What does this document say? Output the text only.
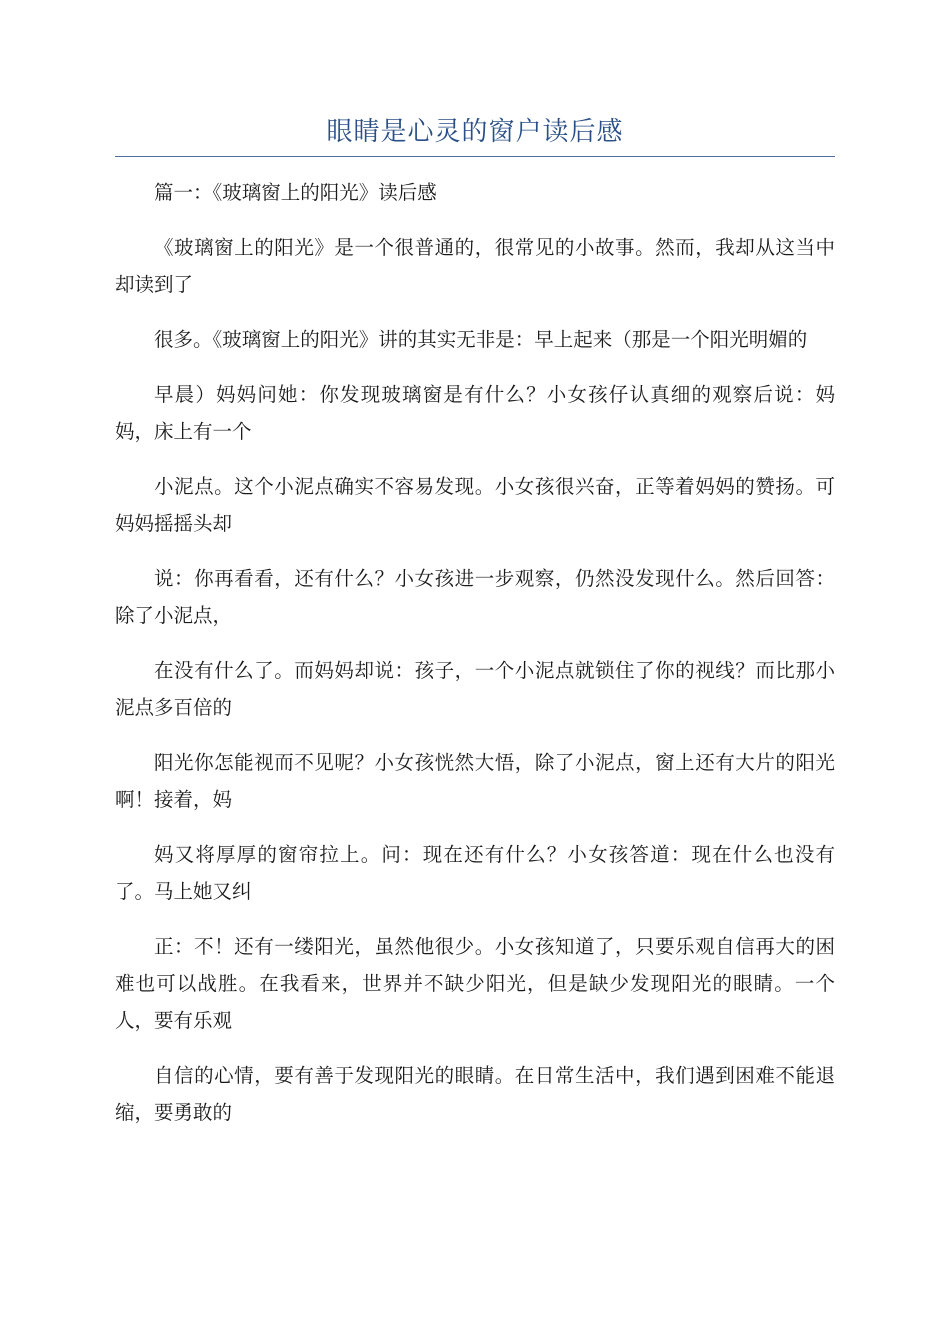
眼睛是心灵的窗户读后感

篇一：《玻璃窗上的阳光》读后感

《玻璃窗上的阳光》是一个很普通的，很常见的小故事。然而，我却从这当中却读到了

很多。《玻璃窗上的阳光》讲的其实无非是：早上起来（那是一个阳光明媚的

早晨）妈妈问她：你发现玻璃窗是有什么？小女孩仔认真细的观察后说：妈妈，床上有一个

小泥点。这个小泥点确实不容易发现。小女孩很兴奋，正等着妈妈的赞扬。可妈妈摇摇头却

说：你再看看，还有什么？小女孩进一步观察，仍然没发现什么。然后回答：除了小泥点，

在没有什么了。而妈妈却说：孩子，一个小泥点就锁住了你的视线？而比那小泥点多百倍的

阳光你怎能视而不见呢？小女孩恍然大悟，除了小泥点，窗上还有大片的阳光啊！接着，妈

妈又将厚厚的窗帘拉上。问：现在还有什么？小女孩答道：现在什么也没有了。马上她又纠

正：不！还有一缕阳光，虽然他很少。小女孩知道了，只要乐观自信再大的困难也可以战胜。在我看来，世界并不缺少阳光，但是缺少发现阳光的眼睛。一个人，要有乐观

自信的心情，要有善于发现阳光的眼睛。在日常生活中，我们遇到困难不能退缩，要勇敢的
